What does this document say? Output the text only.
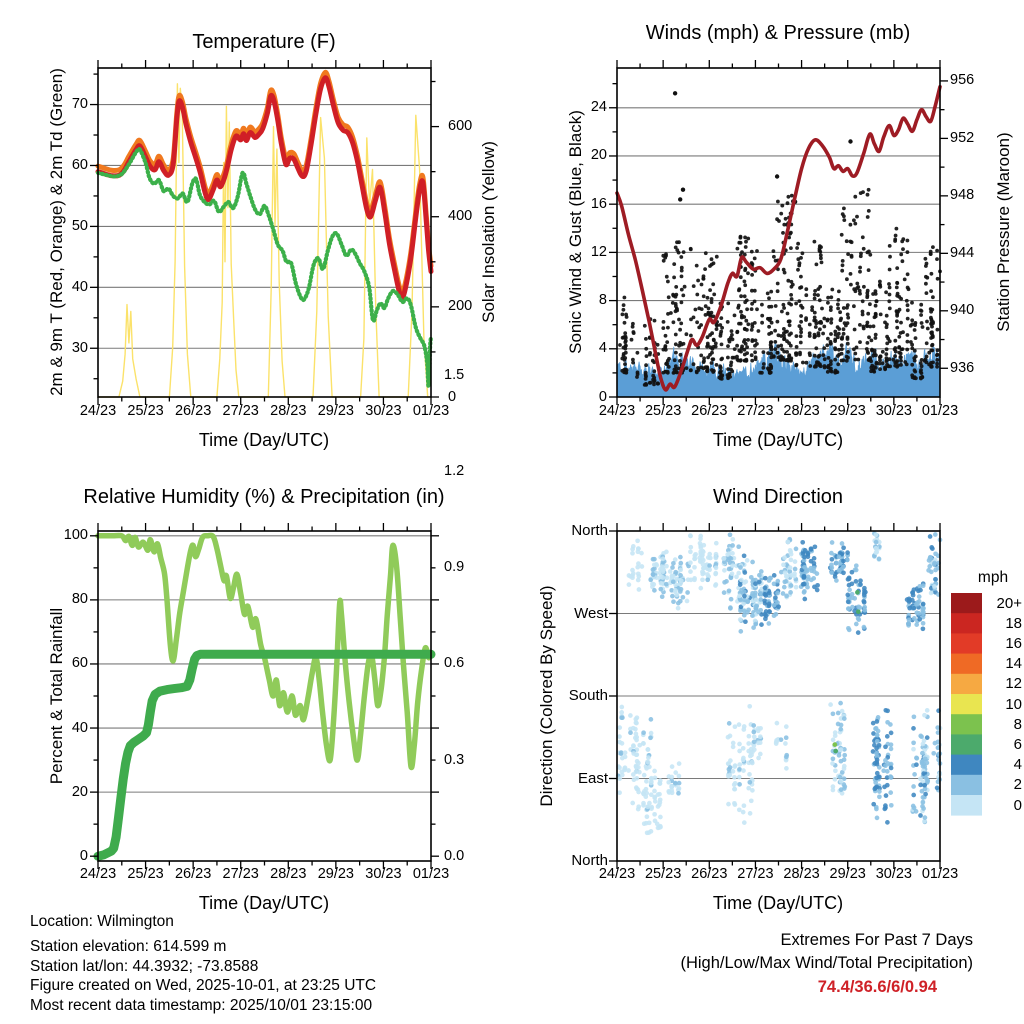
Temperature (F)	Winds (mph) & Pressure (mb)
Relative Humidity (%) & Precipitation (in)	Wind Direction
Time (Day/UTC)	Time (Day/UTC)
Time (Day/UTC)	Time (Day/UTC)
2m & 9m T (Red, Orange) & 2m Td (Green)	Solar Insolation (Yellow)	Sonic Wind & Gust (Blue, Black)	Station Pressure (Maroon)
Percent & Total Rainfall	Direction (Colored By Speed)
mph
24/23 25/23 26/23 27/23 28/23 29/23 30/23 01/23
30
40
50
60
70
0
200
400
600
24/23 25/23 26/23 27/23 28/23 29/23 30/23 01/23
0
4
8
12
16
20
24
936
940
944
948
952
956
24/23 25/23 26/23 27/23 28/23 29/23 30/23 01/23
0
20
40
60
80
100
0.0
0.3
0.6
0.9
1.2
1.5
24/23 25/23 26/23 27/23 28/23 29/23 30/23 01/23
North
West
South
East
North
20+
18
16
14
12
10
8
6
4
2
0
Location: Wilmington
Station elevation: 614.599 m
Station lat/lon: 44.3932; -73.8588
Figure created on Wed, 2025-10-01, at 23:25 UTC
Most recent data timestamp: 2025/10/01 23:15:00
Extremes For Past 7 Days
(High/Low/Max Wind/Total Precipitation)
74.4/36.6/6/0.94
